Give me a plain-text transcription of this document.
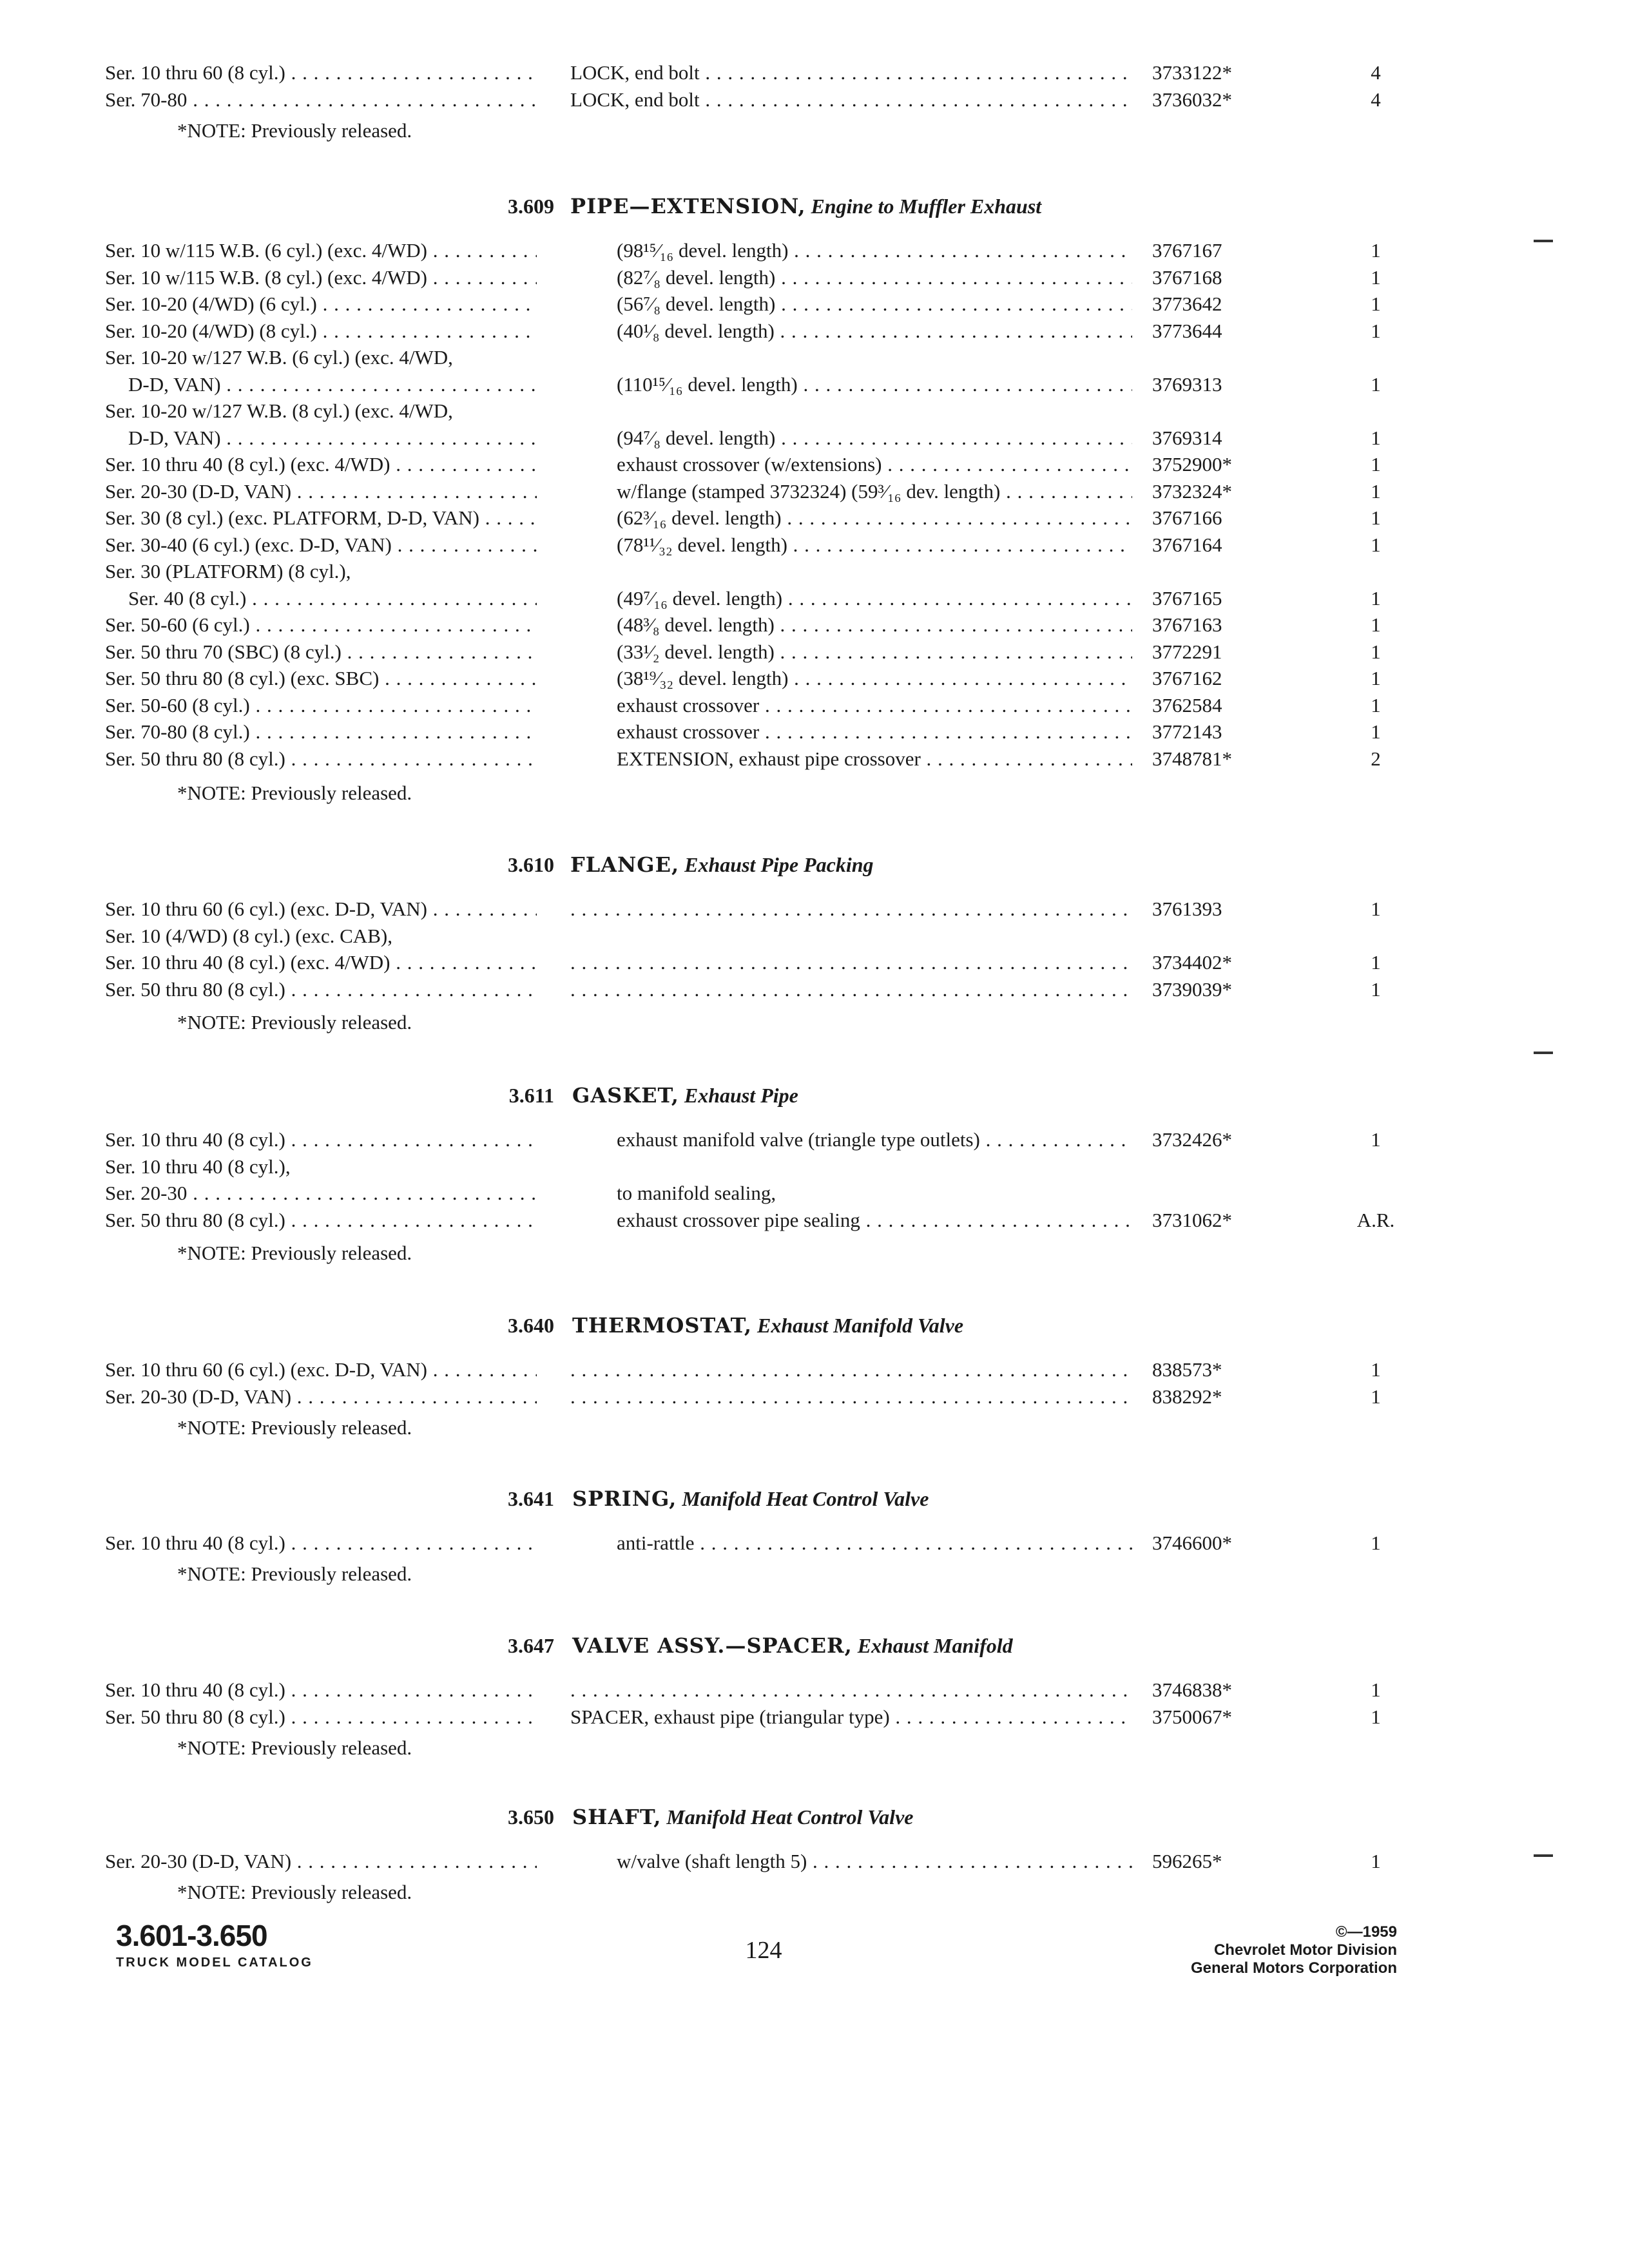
Ser. 10 thru 60 (8 cyl.) . . .	LOCK, end bolt . . .	3733122*	4
Ser. 70-80 . . .	LOCK, end bolt . . .	3736032*	4
*NOTE: Previously released.
3.609 PIPE—EXTENSION, Engine to Muffler Exhaust
Ser. 10 w/115 W.B. (6 cyl.) (exc. 4/WD) . . .	(98¹⁵⁄₁₆ devel. length) . . .	3767167	1
Ser. 10 w/115 W.B. (8 cyl.) (exc. 4/WD) . . .	(82⁷⁄₈ devel. length) . . .	3767168	1
Ser. 10-20 (4/WD) (6 cyl.) . . .	(56⁷⁄₈ devel. length) . . .	3773642	1
Ser. 10-20 (4/WD) (8 cyl.) . . .	(40¹⁄₈ devel. length) . . .	3773644	1
Ser. 10-20 w/127 W.B. (6 cyl.) (exc. 4/WD,
D-D, VAN) . . .	(110¹⁵⁄₁₆ devel. length) . . .	3769313	1
Ser. 10-20 w/127 W.B. (8 cyl.) (exc. 4/WD,
D-D, VAN) . . .	(94⁷⁄₈ devel. length) . . .	3769314	1
Ser. 10 thru 40 (8 cyl.) (exc. 4/WD) . . .	exhaust crossover (w/extensions) . . .	3752900*	1
Ser. 20-30 (D-D, VAN) . . .	w/flange (stamped 3732324) (59³⁄₁₆ dev. length) . . .	3732324*	1
Ser. 30 (8 cyl.) (exc. PLATFORM, D-D, VAN) . . .	(62³⁄₁₆ devel. length) . . .	3767166	1
Ser. 30-40 (6 cyl.) (exc. D-D, VAN) . . .	(78¹¹⁄₃₂ devel. length) . . .	3767164	1
Ser. 30 (PLATFORM) (8 cyl.),
Ser. 40 (8 cyl.) . . .	(49⁷⁄₁₆ devel. length) . . .	3767165	1
Ser. 50-60 (6 cyl.) . . .	(48³⁄₈ devel. length) . . .	3767163	1
Ser. 50 thru 70 (SBC) (8 cyl.) . . .	(33¹⁄₂ devel. length) . . .	3772291	1
Ser. 50 thru 80 (8 cyl.) (exc. SBC) . . .	(38¹⁹⁄₃₂ devel. length) . . .	3767162	1
Ser. 50-60 (8 cyl.) . . .	exhaust crossover . . .	3762584	1
Ser. 70-80 (8 cyl.) . . .	exhaust crossover . . .	3772143	1
Ser. 50 thru 80 (8 cyl.) . . .	EXTENSION, exhaust pipe crossover . . .	3748781*	2
*NOTE: Previously released.
3.610 FLANGE, Exhaust Pipe Packing
Ser. 10 thru 60 (6 cyl.) (exc. D-D, VAN) . . . . . .	3761393	1
Ser. 10 (4/WD) (8 cyl.) (exc. CAB),
Ser. 10 thru 40 (8 cyl.) (exc. 4/WD) . . . . . .	3734402*	1
Ser. 50 thru 80 (8 cyl.) . . . . . .	3739039*	1
*NOTE: Previously released.
3.611 GASKET, Exhaust Pipe
Ser. 10 thru 40 (8 cyl.) . . .	exhaust manifold valve (triangle type outlets) . . .	3732426*	1
Ser. 10 thru 40 (8 cyl.),
Ser. 20-30 . . .	to manifold sealing,
Ser. 50 thru 80 (8 cyl.) . . .	exhaust crossover pipe sealing . . .	3731062*	A.R.
*NOTE: Previously released.
3.640 THERMOSTAT, Exhaust Manifold Valve
Ser. 10 thru 60 (6 cyl.) (exc. D-D, VAN) . . . . . .	838573*	1
Ser. 20-30 (D-D, VAN) . . . . . .	838292*	1
*NOTE: Previously released.
3.641 SPRING, Manifold Heat Control Valve
Ser. 10 thru 40 (8 cyl.) . . .	anti-rattle . . .	3746600*	1
*NOTE: Previously released.
3.647 VALVE ASSY.—SPACER, Exhaust Manifold
Ser. 10 thru 40 (8 cyl.) . . . . . .	3746838*	1
Ser. 50 thru 80 (8 cyl.) . . .	SPACER, exhaust pipe (triangular type) . . .	3750067*	1
*NOTE: Previously released.
3.650 SHAFT, Manifold Heat Control Valve
Ser. 20-30 (D-D, VAN) . . .	w/valve (shaft length 5) . . .	596265*	1
*NOTE: Previously released.
3.601-3.650
TRUCK MODEL CATALOG	124
©—1959
Chevrolet Motor Division
General Motors Corporation
